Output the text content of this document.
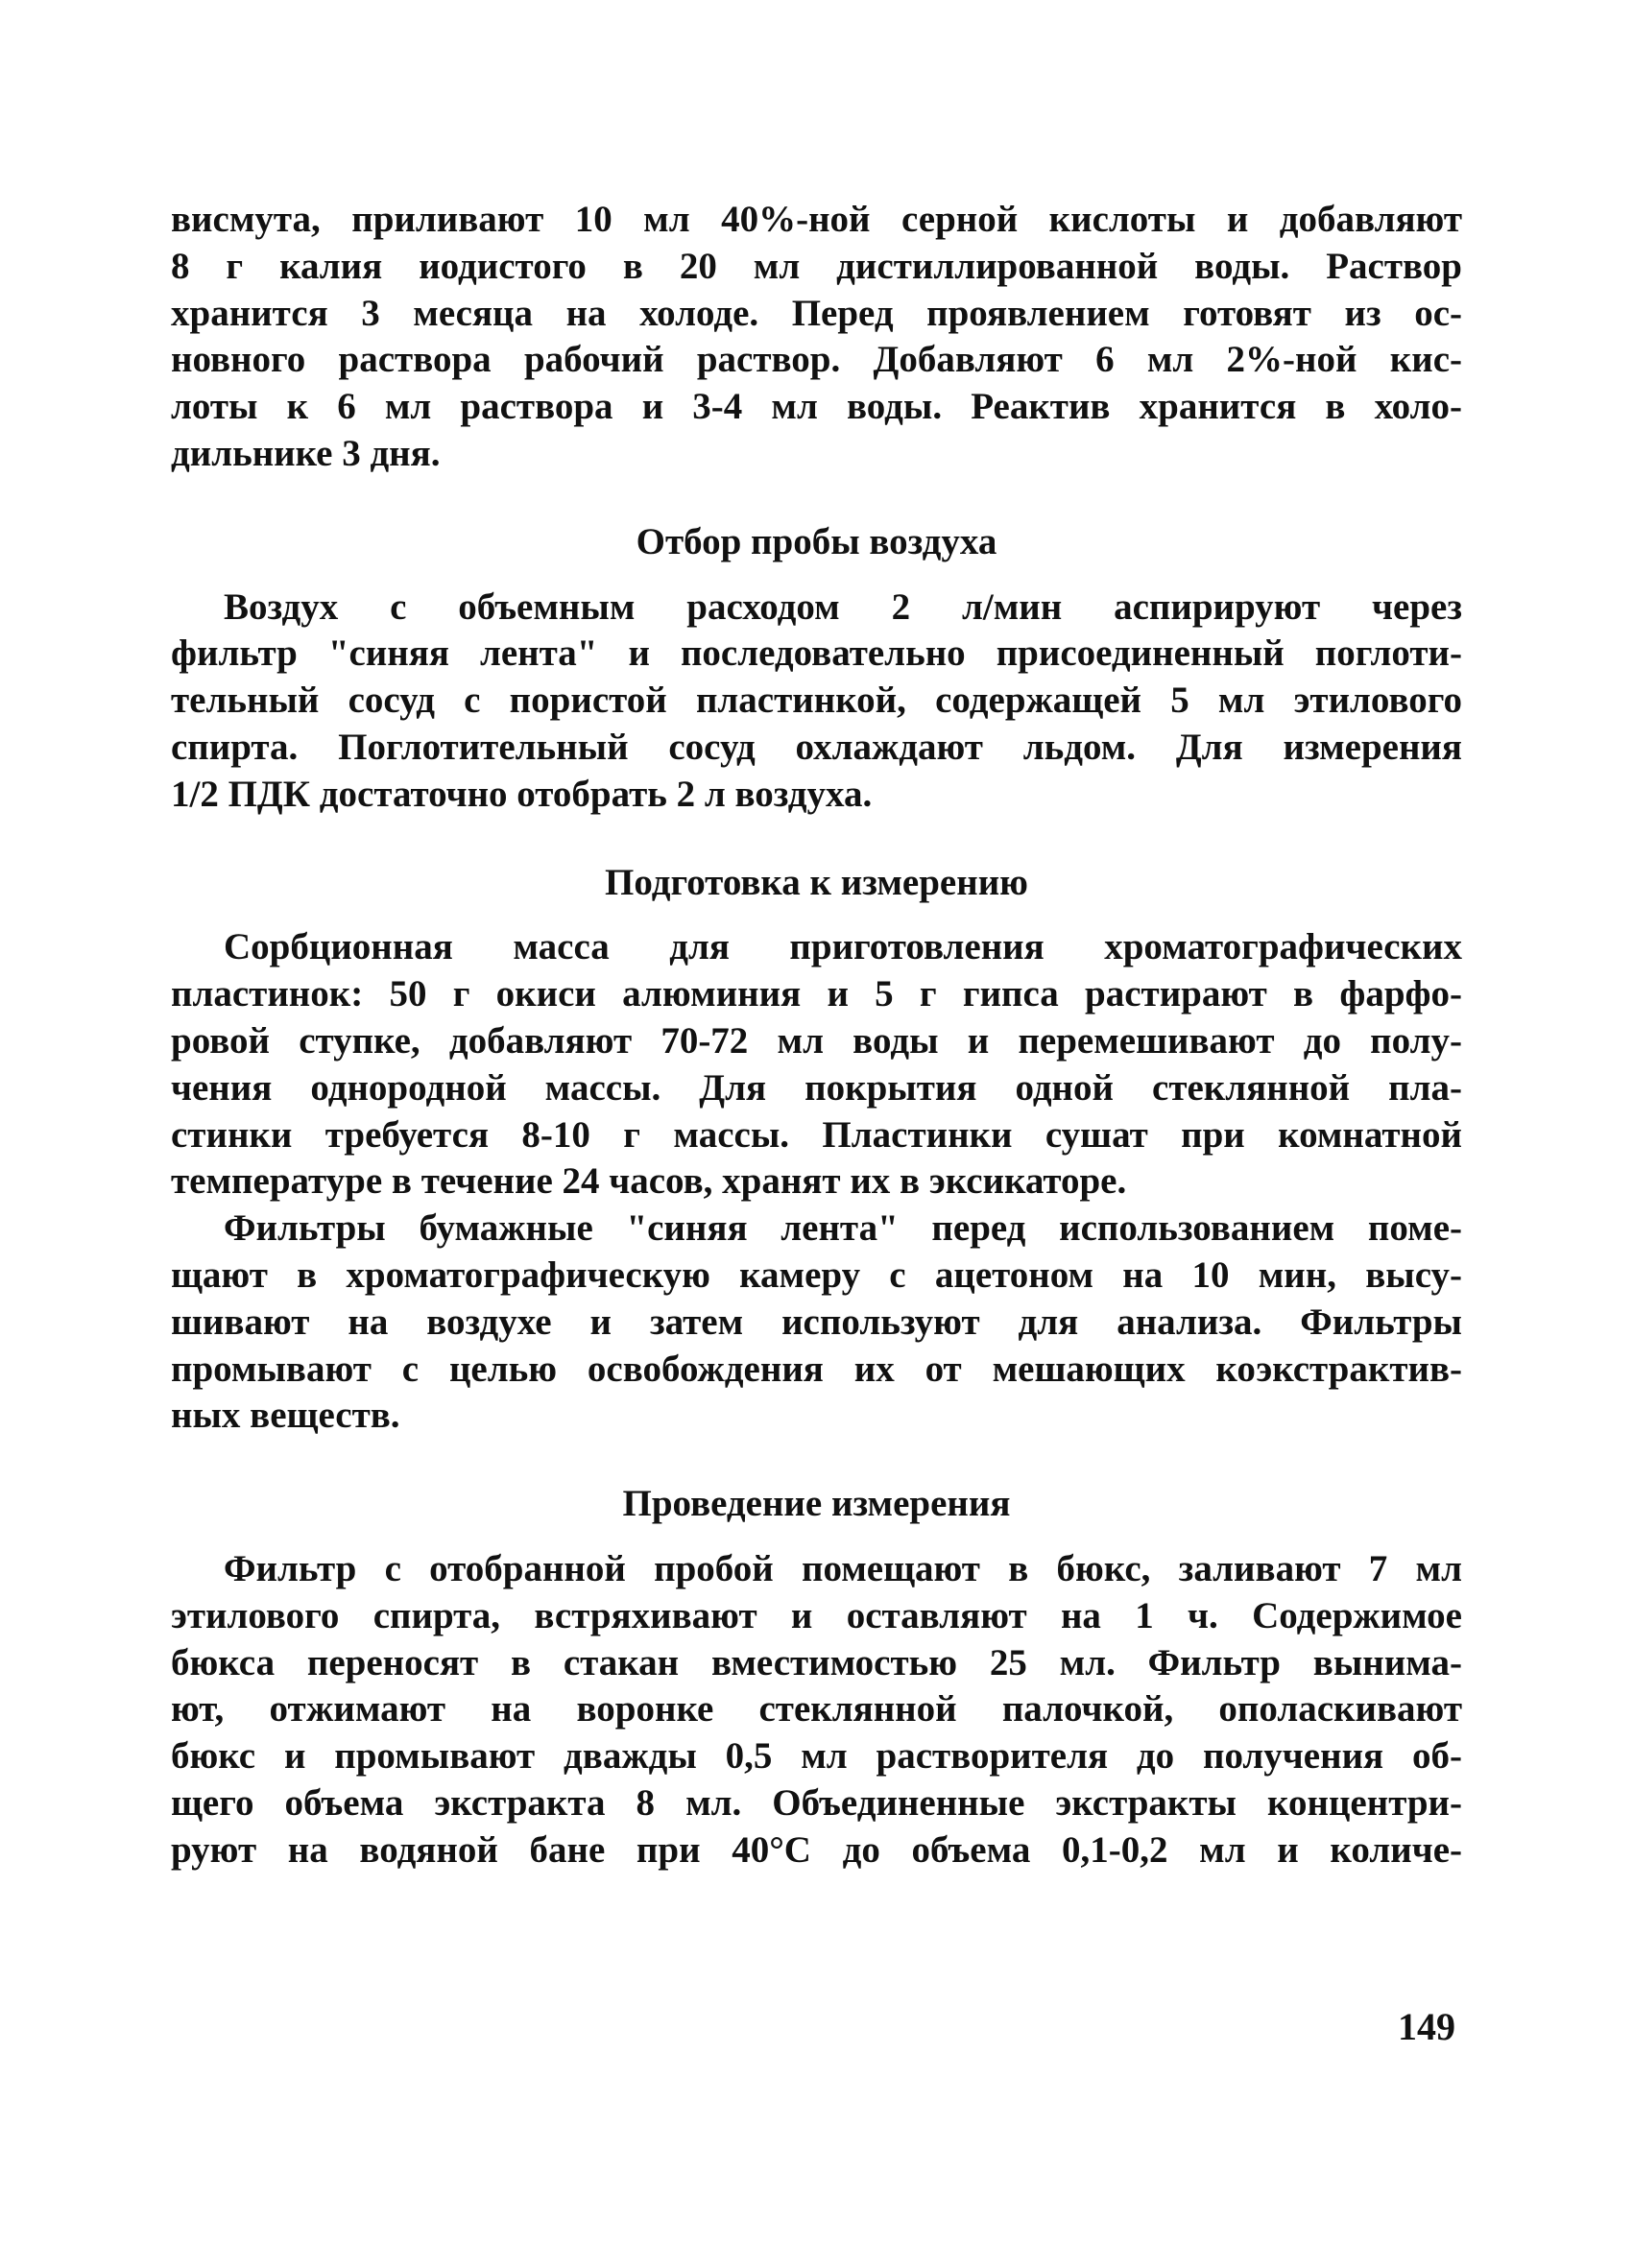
висмута, приливают 10 мл 40%-ной серной кислоты и добавляют
8 г калия иодистого в 20 мл дистиллированной воды. Раствор
хранится 3 месяца на холоде. Перед проявлением готовят из ос-
новного раствора рабочий раствор. Добавляют 6 мл 2%-ной кис-
лоты к 6 мл раствора и 3-4 мл воды. Реактив хранится в холо-
дильнике 3 дня.
Отбор пробы воздуха
Воздух с объемным расходом 2 л/мин аспирируют через
фильтр "синяя лента" и последовательно присоединенный поглоти-
тельный сосуд с пористой пластинкой, содержащей 5 мл этилового
спирта. Поглотительный сосуд охлаждают льдом. Для измерения
1/2 ПДК достаточно отобрать 2 л воздуха.
Подготовка к измерению
Сорбционная масса для приготовления хроматографических
пластинок: 50 г окиси алюминия и 5 г гипса растирают в фарфо-
ровой ступке, добавляют 70-72 мл воды и перемешивают до полу-
чения однородной массы. Для покрытия одной стеклянной пла-
стинки требуется 8-10 г массы. Пластинки сушат при комнатной
температуре в течение 24 часов, хранят их в эксикаторе.
Фильтры бумажные "синяя лента" перед использованием поме-
щают в хроматографическую камеру с ацетоном на 10 мин, высу-
шивают на воздухе и затем используют для анализа. Фильтры
промывают с целью освобождения их от мешающих коэкстрактив-
ных веществ.
Проведение измерения
Фильтр с отобранной пробой помещают в бюкс, заливают 7 мл
этилового спирта, встряхивают и оставляют на 1 ч. Содержимое
бюкса переносят в стакан вместимостью 25 мл. Фильтр вынима-
ют, отжимают на воронке стеклянной палочкой, ополаскивают
бюкс и промывают дважды 0,5 мл растворителя до получения об-
щего объема экстракта 8 мл. Объединенные экстракты концентри-
руют на водяной бане при 40°С до объема 0,1-0,2 мл и количе-
149
